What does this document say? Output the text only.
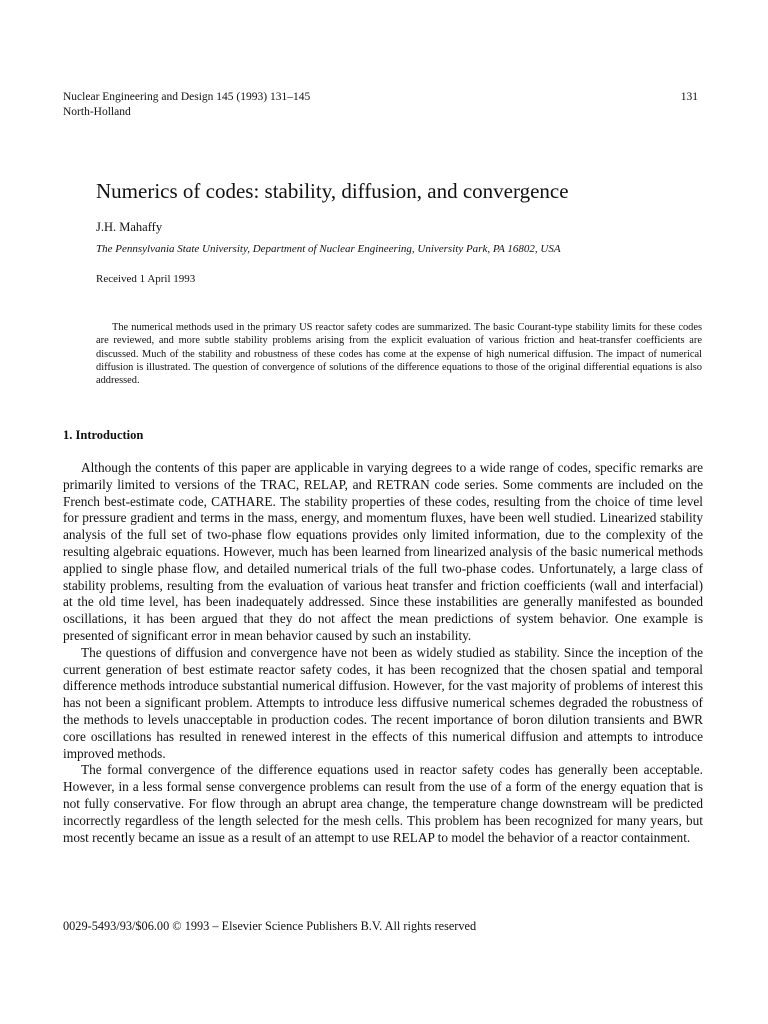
Nuclear Engineering and Design 145 (1993) 131–145
North-Holland
131
Numerics of codes: stability, diffusion, and convergence
J.H. Mahaffy
The Pennsylvania State University, Department of Nuclear Engineering, University Park, PA 16802, USA
Received 1 April 1993

The numerical methods used in the primary US reactor safety codes are summarized. The basic Courant-type stability limits for these codes are reviewed, and more subtle stability problems arising from the explicit evaluation of various friction and heat-transfer coefficients are discussed. Much of the stability and robustness of these codes has come at the expense of high numerical diffusion. The impact of numerical diffusion is illustrated. The question of convergence of solutions of the difference equations to those of the original differential equations is also addressed.

1. Introduction

Although the contents of this paper are applicable in varying degrees to a wide range of codes, specific remarks are primarily limited to versions of the TRAC, RELAP, and RETRAN code series. Some comments are included on the French best-estimate code, CATHARE. The stability properties of these codes, resulting from the choice of time level for pressure gradient and terms in the mass, energy, and momentum fluxes, have been well studied. Linearized stability analysis of the full set of two-phase flow equations provides only limited information, due to the complexity of the resulting algebraic equations. However, much has been learned from linearized analysis of the basic numerical methods applied to single phase flow, and detailed numerical trials of the full two-phase codes. Unfortunately, a large class of stability problems, resulting from the evaluation of various heat transfer and friction coefficients (wall and interfacial) at the old time level, has been inadequately addressed. Since these instabilities are generally manifested as bounded oscillations, it has been argued that they do not affect the mean predictions of system behavior. One example is presented of significant error in mean behavior caused by such an instability.

The questions of diffusion and convergence have not been as widely studied as stability. Since the inception of the current generation of best estimate reactor safety codes, it has been recognized that the chosen spatial and temporal difference methods introduce substantial numerical diffusion. However, for the vast majority of problems of interest this has not been a significant problem. Attempts to introduce less diffusive numerical schemes degraded the robustness of the methods to levels unacceptable in production codes. The recent importance of boron dilution transients and BWR core oscillations has resulted in renewed interest in the effects of this numerical diffusion and attempts to introduce improved methods.

The formal convergence of the difference equations used in reactor safety codes has generally been acceptable. However, in a less formal sense convergence problems can result from the use of a form of the energy equation that is not fully conservative. For flow through an abrupt area change, the temperature change downstream will be predicted incorrectly regardless of the length selected for the mesh cells. This problem has been recognized for many years, but most recently became an issue as a result of an attempt to use RELAP to model the behavior of a reactor containment.

0029-5493/93/$06.00 © 1993 – Elsevier Science Publishers B.V. All rights reserved
